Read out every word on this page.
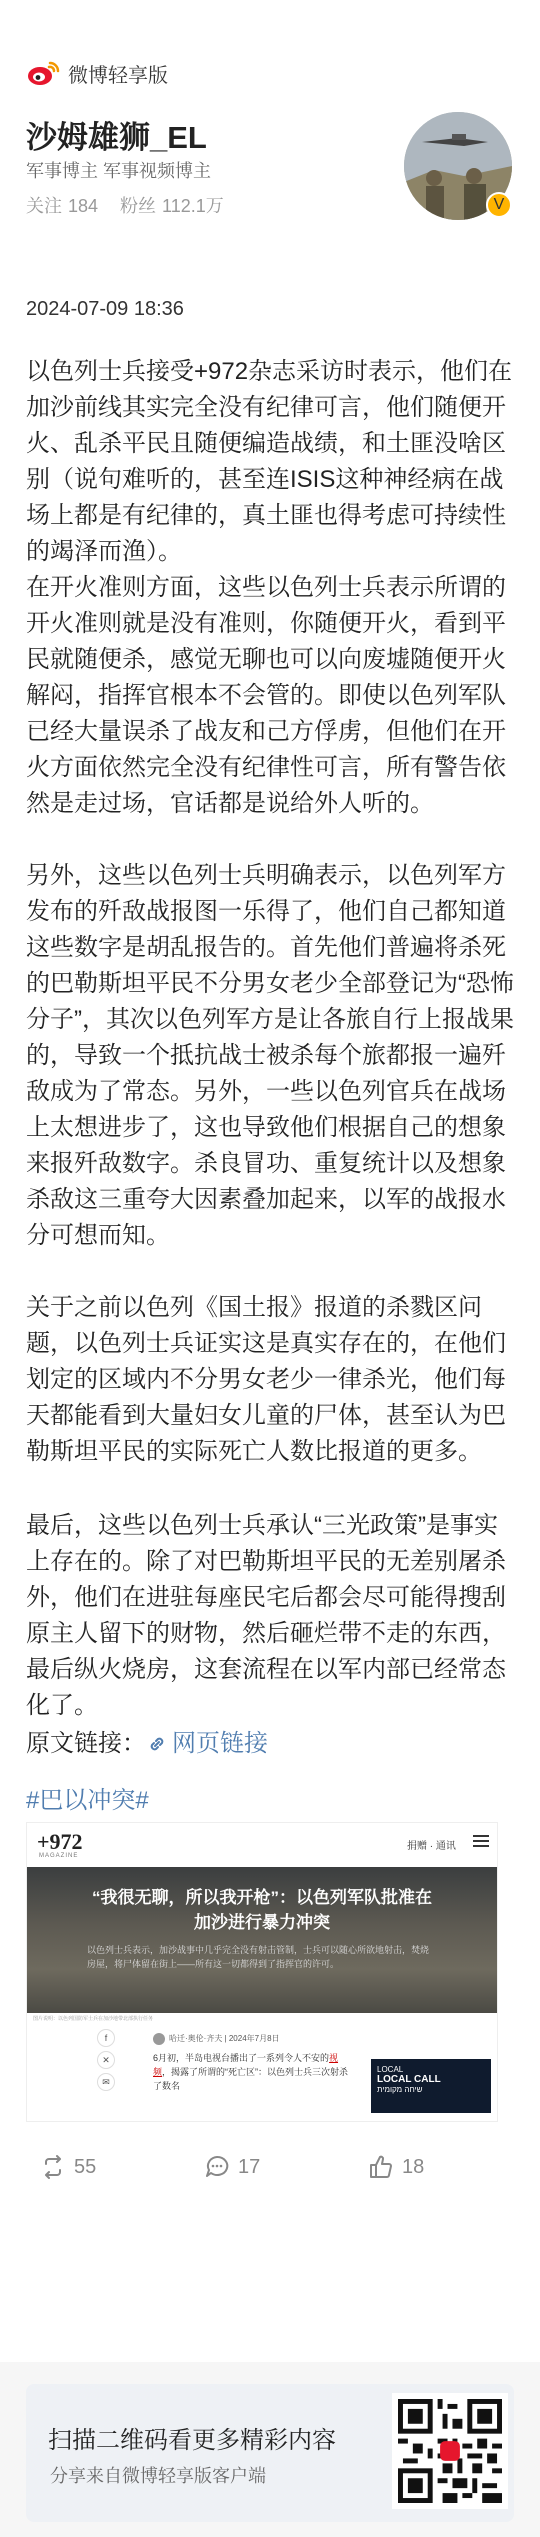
微博轻享版
沙姆雄狮_EL
军事博主 军事视频博主
关注 184 粉丝 112.1万	V
2024-07-09 18:36
以色列士兵接受+972杂志采访时表示，他们在加沙前线其实完全没有纪律可言，他们随便开火、乱杀平民且随便编造战绩，和土匪没啥区别（说句难听的，甚至连ISIS这种神经病在战场上都是有纪律的，真土匪也得考虑可持续性的竭泽而渔）。
在开火准则方面，这些以色列士兵表示所谓的开火准则就是没有准则，你随便开火，看到平民就随便杀，感觉无聊也可以向废墟随便开火解闷，指挥官根本不会管的。即使以色列军队已经大量误杀了战友和己方俘虏，但他们在开火方面依然完全没有纪律性可言，所有警告依然是走过场，官话都是说给外人听的。
另外，这些以色列士兵明确表示，以色列军方发布的歼敌战报图一乐得了，他们自己都知道这些数字是胡乱报告的。首先他们普遍将杀死的巴勒斯坦平民不分男女老少全部登记为“恐怖分子”，其次以色列军方是让各旅自行上报战果的，导致一个抵抗战士被杀每个旅都报一遍歼敌成为了常态。另外，一些以色列官兵在战场上太想进步了，这也导致他们根据自己的想象来报歼敌数字。杀良冒功、重复统计以及想象杀敌这三重夸大因素叠加起来，以军的战报水分可想而知。
关于之前以色列《国土报》报道的杀戮区问题，以色列士兵证实这是真实存在的，在他们划定的区域内不分男女老少一律杀光，他们每天都能看到大量妇女儿童的尸体，甚至认为巴勒斯坦平民的实际死亡人数比报道的更多。
最后，这些以色列士兵承认“三光政策”是事实上存在的。除了对巴勒斯坦平民的无差别屠杀外，他们在进驻每座民宅后都会尽可能得搜刮原主人留下的财物，然后砸烂带不走的东西，最后纵火烧房，这套流程在以军内部已经常态化了。
原文链接： 网页链接
#巴以冲突#
+972
MAGAZINE
捐赠 · 通讯
“我很无聊，所以我开枪”：以色列军队批准在加沙进行暴力冲突
以色列士兵表示，加沙战事中几乎完全没有射击管制，士兵可以随心所欲地射击，焚烧房屋，将尸体留在街上——所有这一切都得到了指挥官的许可。
图片说明：以色列国防军士兵在加沙地带北部执行任务
f
✕
✉
哈迁·奥伦·齐夫 | 2024年7月8日
6月初，半岛电视台播出了一系列令人不安的视频，揭露了所谓的“死亡区”：以色列士兵三次射杀了数名
LOCAL
LOCAL CALL
שיחה מקומית
55	17	18
扫描二维码看更多精彩内容
分享来自微博轻享版客户端
